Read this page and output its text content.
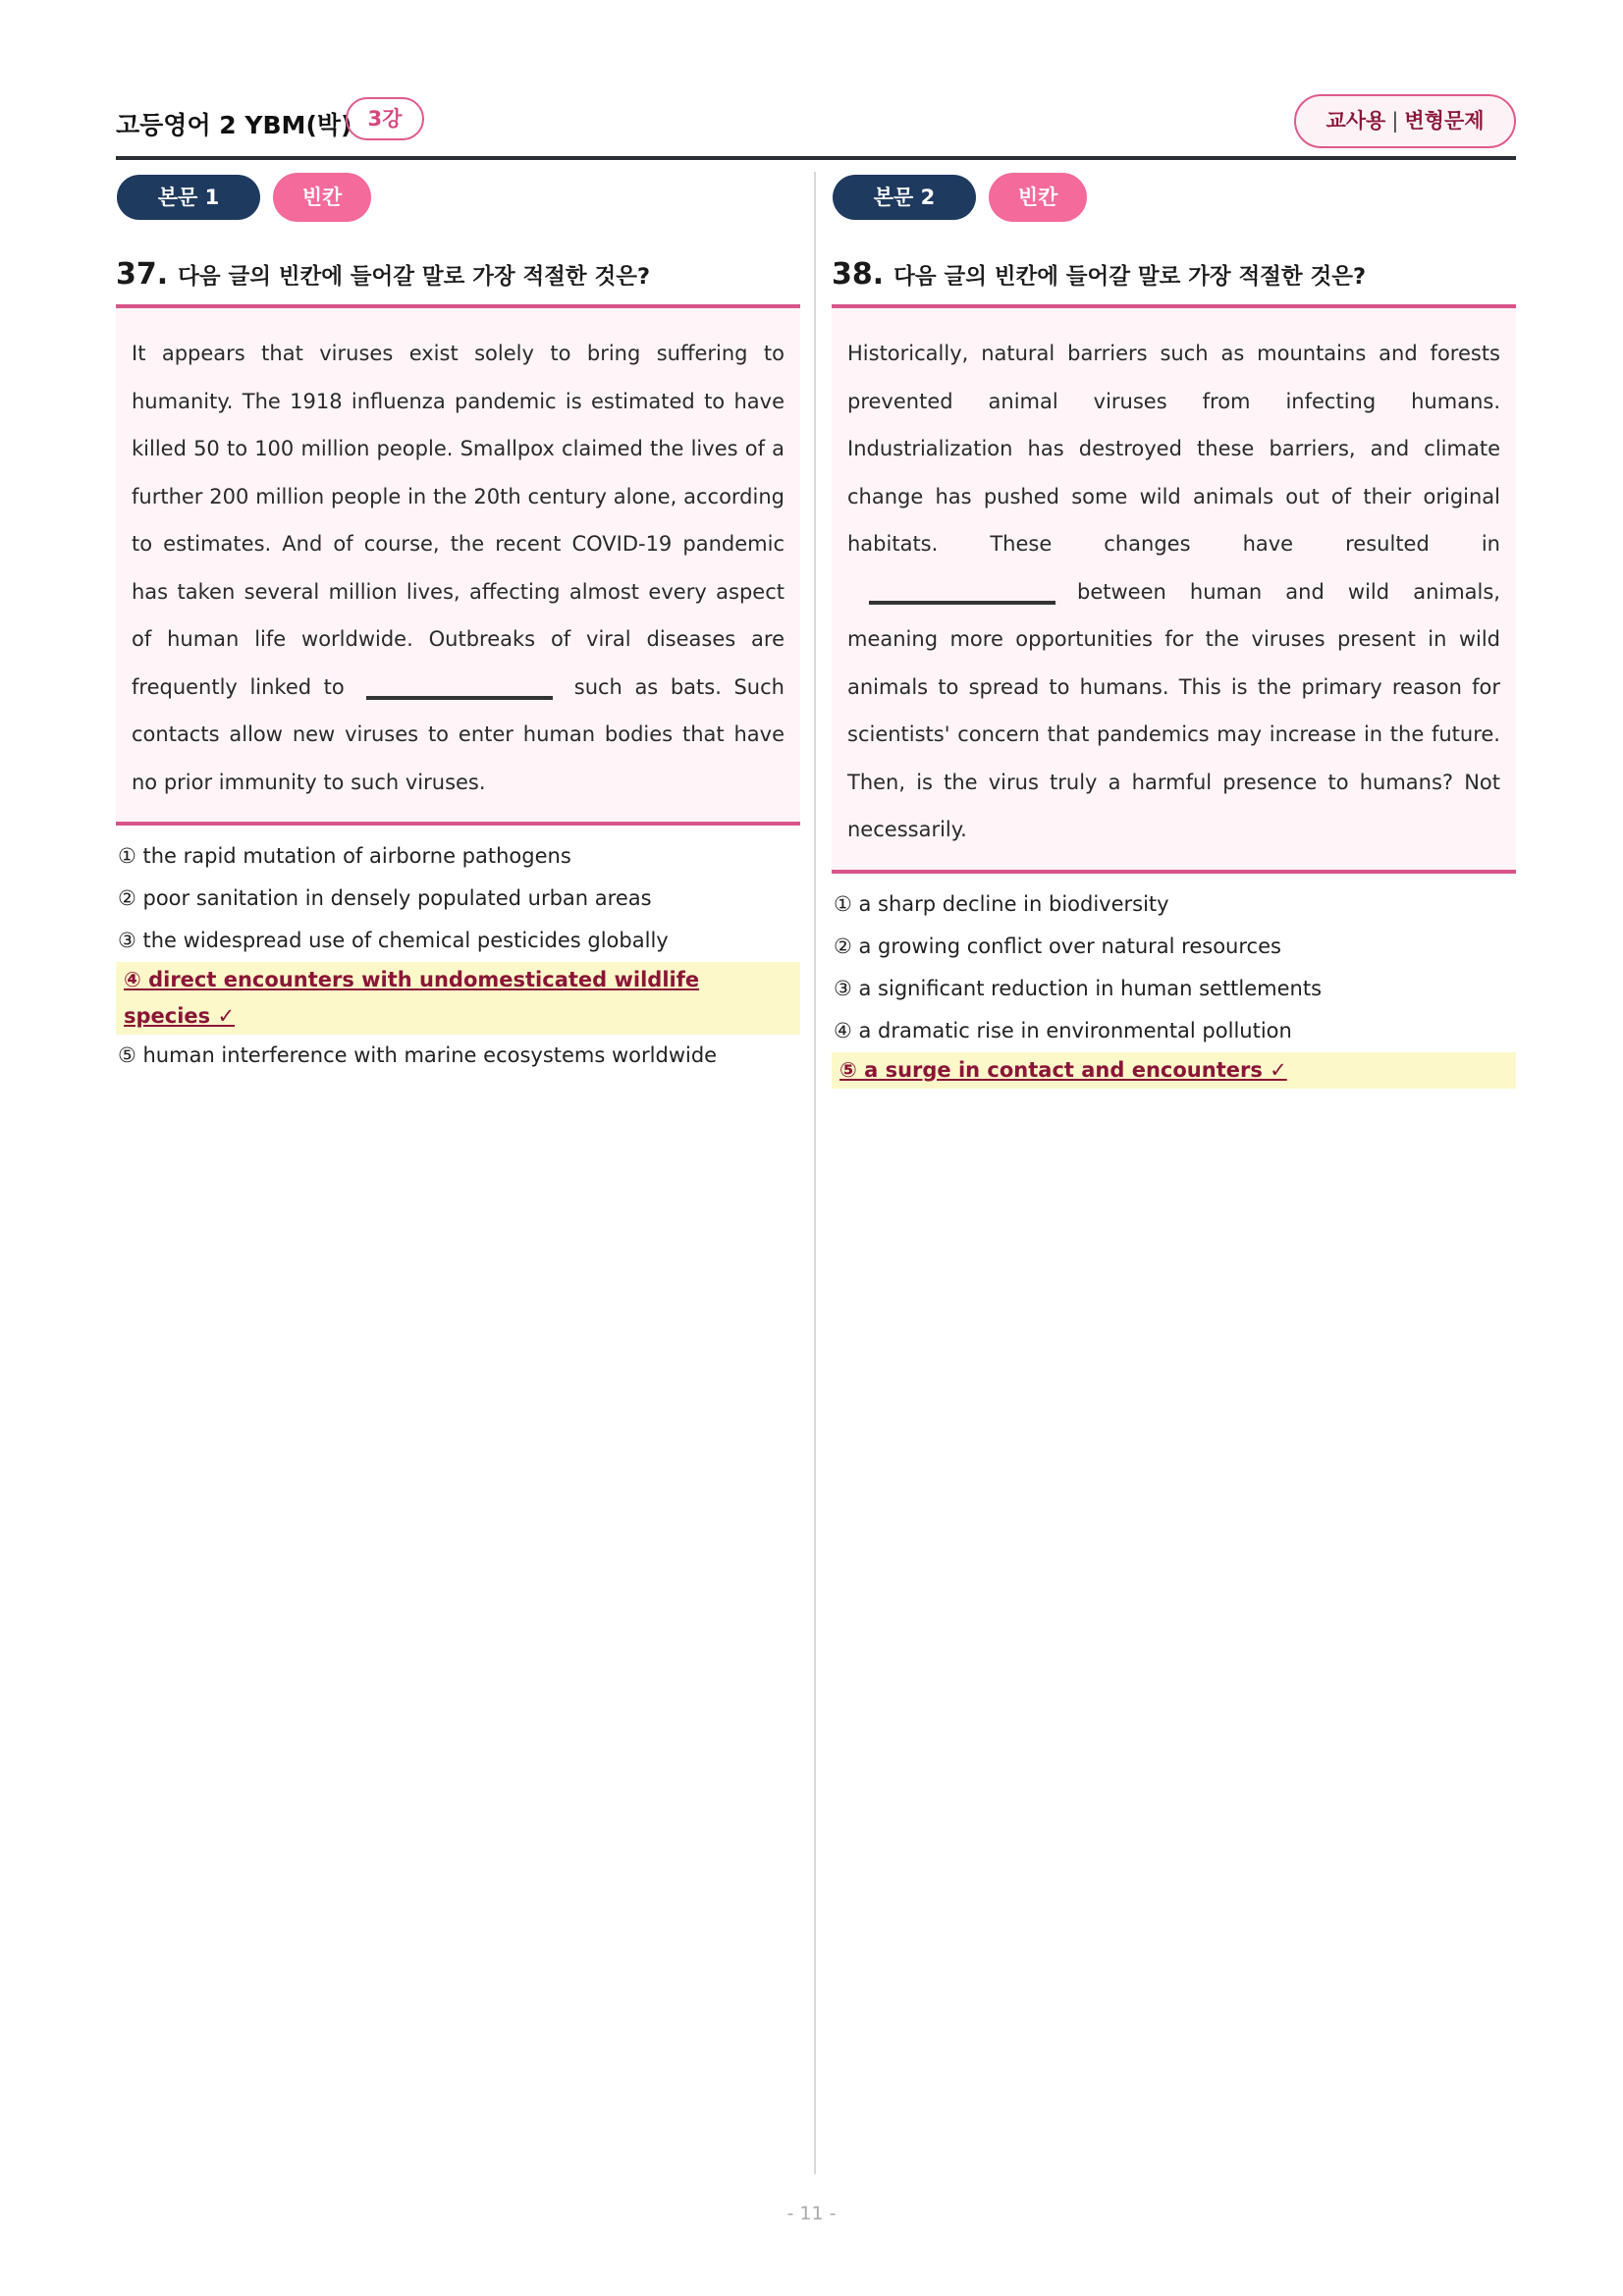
고등영어 2 YBM(박) 3강	교사용 | 변형문제
본문 1	빈칸
37. 다음 글의 빈칸에 들어갈 말로 가장 적절한 것은?

It appears that viruses exist solely to bring suffering to humanity. The 1918 influenza pandemic is estimated to have killed 50 to 100 million people. Smallpox claimed the lives of a further 200 million people in the 20th century alone, according to estimates. And of course, the recent COVID-19 pandemic has taken several million lives, affecting almost every aspect of human life worldwide. Outbreaks of viral diseases are frequently linked to	such as bats. Such contacts allow new viruses to enter human bodies that have no prior immunity to such viruses.

① the rapid mutation of airborne pathogens
② poor sanitation in densely populated urban areas
③ the widespread use of chemical pesticides globally
④ direct encounters with undomesticated wildlife species ✓
⑤ human interference with marine ecosystems worldwide
본문 2	빈칸
38. 다음 글의 빈칸에 들어갈 말로 가장 적절한 것은?

Historically, natural barriers such as mountains and forests prevented animal viruses from infecting humans. Industrialization has destroyed these barriers, and climate change has pushed some wild animals out of their original habitats. These changes have resulted inbetween human and wild animals, meaning more opportunities for the viruses present in wild animals to spread to humans. This is the primary reason for scientists' concern that pandemics may increase in the future. Then, is the virus truly a harmful presence to humans? Not necessarily.

① a sharp decline in biodiversity
② a growing conflict over natural resources
③ a significant reduction in human settlements
④ a dramatic rise in environmental pollution
⑤ a surge in contact and encounters ✓
- 11 -
